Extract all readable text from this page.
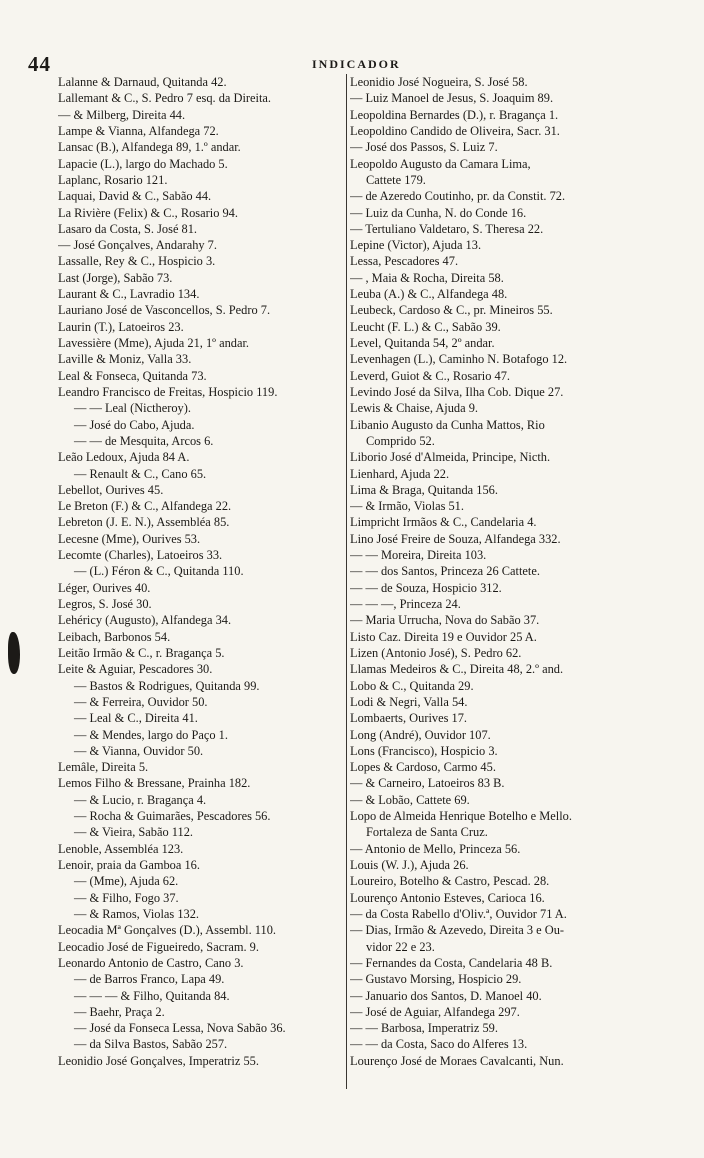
44	INDICADOR
Lalanne & Darnaud, Quitanda 42.
Lallemant & C., S. Pedro 7 esq. da Direita.
— & Milberg, Direita 44.
Lampe & Vianna, Alfandega 72.
Lansac (B.), Alfandega 89, 1.º andar.
Lapacie (L.), largo do Machado 5.
Laplanc, Rosario 121.
Laquai, David & C., Sabão 44.
La Rivière (Felix) & C., Rosario 94.
Lasaro da Costa, S. José 81.
— José Gonçalves, Andarahy 7.
Lassalle, Rey & C., Hospicio 3.
Last (Jorge), Sabão 73.
Laurant & C., Lavradio 134.
Lauriano José de Vasconcellos, S. Pedro 7.
Laurin (T.), Latoeiros 23.
Lavessière (Mme), Ajuda 21, 1º andar.
Laville & Moniz, Valla 33.
Leal & Fonseca, Quitanda 73.
Leandro Francisco de Freitas, Hospicio 119.
— — Leal (Nictheroy).
— José do Cabo, Ajuda.
— — de Mesquita, Arcos 6.
Leão Ledoux, Ajuda 84 A.
— Renault & C., Cano 65.
Lebellot, Ourives 45.
Le Breton (F.) & C., Alfandega 22.
Lebreton (J. E. N.), Assembléa 85.
Lecesne (Mme), Ourives 53.
Lecomte (Charles), Latoeiros 33.
— (L.) Féron & C., Quitanda 110.
Léger, Ourives 40.
Legros, S. José 30.
Lehéricy (Augusto), Alfandega 34.
Leibach, Barbonos 54.
Leitão Irmão & C., r. Bragança 5.
Leite & Aguiar, Pescadores 30.
— Bastos & Rodrigues, Quitanda 99.
— & Ferreira, Ouvidor 50.
— Leal & C., Direita 41.
— & Mendes, largo do Paço 1.
— & Vianna, Ouvidor 50.
Lemâle, Direita 5.
Lemos Filho & Bressane, Prainha 182.
— & Lucio, r. Bragança 4.
— Rocha & Guimarães, Pescadores 56.
— & Vieira, Sabão 112.
Lenoble, Assembléa 123.
Lenoir, praia da Gamboa 16.
— (Mme), Ajuda 62.
— & Filho, Fogo 37.
— & Ramos, Violas 132.
Leocadia Mª Gonçalves (D.), Assembl. 110.
Leocadio José de Figueiredo, Sacram. 9.
Leonardo Antonio de Castro, Cano 3.
— de Barros Franco, Lapa 49.
— — — & Filho, Quitanda 84.
— Baehr, Praça 2.
— José da Fonseca Lessa, Nova Sabão 36.
— da Silva Bastos, Sabão 257.
Leonidio José Gonçalves, Imperatriz 55.
Leonidio José Nogueira, S. José 58.
— Luiz Manoel de Jesus, S. Joaquim 89.
Leopoldina Bernardes (D.), r. Bragança 1.
Leopoldino Candido de Oliveira, Sacr. 31.
— José dos Passos, S. Luiz 7.
Leopoldo Augusto da Camara Lima,
Cattete 179.
— de Azeredo Coutinho, pr. da Constit. 72.
— Luiz da Cunha, N. do Conde 16.
— Tertuliano Valdetaro, S. Theresa 22.
Lepine (Victor), Ajuda 13.
Lessa, Pescadores 47.
— , Maia & Rocha, Direita 58.
Leuba (A.) & C., Alfandega 48.
Leubeck, Cardoso & C., pr. Mineiros 55.
Leucht (F. L.) & C., Sabão 39.
Level, Quitanda 54, 2º andar.
Levenhagen (L.), Caminho N. Botafogo 12.
Leverd, Guiot & C., Rosario 47.
Levindo José da Silva, Ilha Cob. Dique 27.
Lewis & Chaise, Ajuda 9.
Libanio Augusto da Cunha Mattos, Rio
Comprido 52.
Liborio José d'Almeida, Principe, Nicth.
Lienhard, Ajuda 22.
Lima & Braga, Quitanda 156.
— & Irmão, Violas 51.
Limpricht Irmãos & C., Candelaria 4.
Lino José Freire de Souza, Alfandega 332.
— — Moreira, Direita 103.
— — dos Santos, Princeza 26 Cattete.
— — de Souza, Hospicio 312.
— — —, Princeza 24.
— Maria Urrucha, Nova do Sabão 37.
Listo Caz. Direita 19 e Ouvidor 25 A.
Lizen (Antonio José), S. Pedro 62.
Llamas Medeiros & C., Direita 48, 2.º and.
Lobo & C., Quitanda 29.
Lodi & Negri, Valla 54.
Lombaerts, Ourives 17.
Long (André), Ouvidor 107.
Lons (Francisco), Hospicio 3.
Lopes & Cardoso, Carmo 45.
— & Carneiro, Latoeiros 83 B.
— & Lobão, Cattete 69.
Lopo de Almeida Henrique Botelho e Mello.
Fortaleza de Santa Cruz.
— Antonio de Mello, Princeza 56.
Louis (W. J.), Ajuda 26.
Loureiro, Botelho & Castro, Pescad. 28.
Lourenço Antonio Esteves, Carioca 16.
— da Costa Rabello d'Oliv.ª, Ouvidor 71 A.
— Dias, Irmão & Azevedo, Direita 3 e Ou-
vidor 22 e 23.
— Fernandes da Costa, Candelaria 48 B.
— Gustavo Morsing, Hospicio 29.
— Januario dos Santos, D. Manoel 40.
— José de Aguiar, Alfandega 297.
— — Barbosa, Imperatriz 59.
— — da Costa, Saco do Alferes 13.
Lourenço José de Moraes Cavalcanti, Nun.
